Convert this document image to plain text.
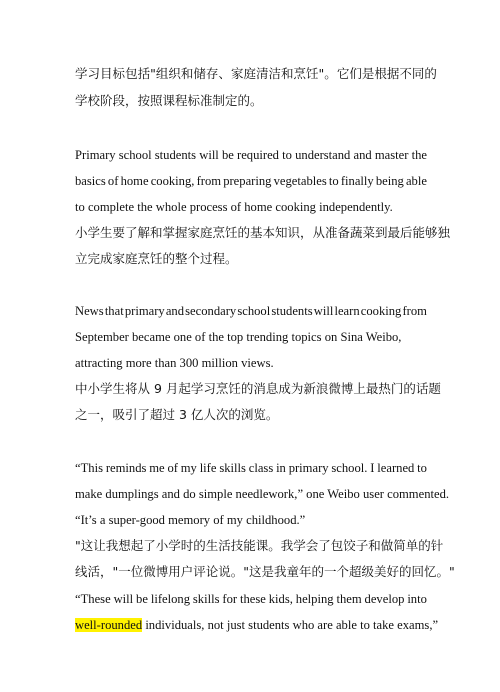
学 习 目 标 包 括 " 组 织 和 储 存 、 家 庭 清 洁 和 烹 饪 " 。 它 们 是 根 据 不 同 的
学校阶段，按照课程标准制定的。
Primary school students will be required to understand and master the
basics of home cooking, from preparing vegetables to finally being able
to complete the whole process of home cooking independently.
小学生要了解和掌握家庭烹饪的基本知识，从准备蔬菜到最后能够独
立完成家庭烹饪的整个过程。
News that primary and secondary school students will learn cooking from
September became one of the top trending topics on Sina Weibo,
attracting more than 300 million views.
中小学生将从 9 月起学习烹饪的消息成为新浪微博上最热门的话题
之一，吸引了超过 3 亿人次的浏览。
“This reminds me of my life skills class in primary school. I learned to
make dumplings and do simple needlework,” one Weibo user commented.
“It’s a super-good memory of my childhood.”
"这让我想起了小学时的生活技能课。我学会了包饺子和做简单的针
线活，"一位微博用户评论说。"这是我童年的一个超级美好的回忆。"
“These will be lifelong skills for these kids, helping them develop into
well-rounded individuals, not just students who are able to take exams,”
